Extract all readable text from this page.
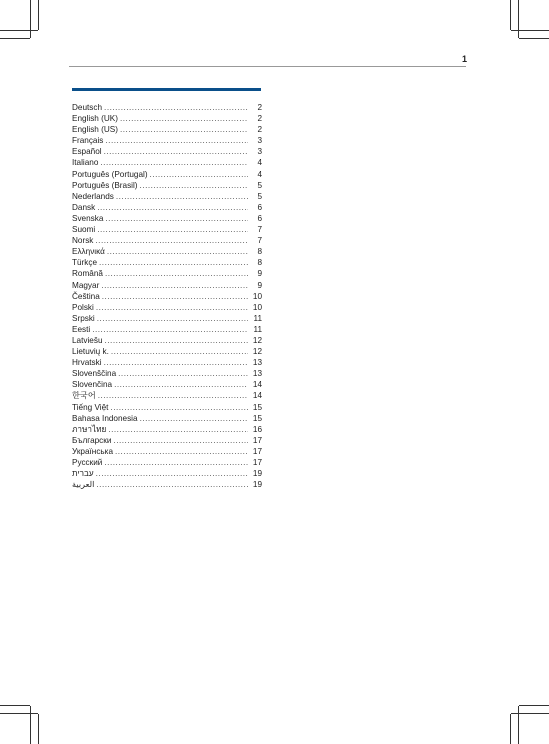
1
Deutsch .....	2
English (UK) .....	2
English (US) .....	2
Français .....	3
Español .....	3
Italiano .....	4
Português (Portugal) .....	4
Português (Brasil) .....	5
Nederlands .....	5
Dansk .....	6
Svenska .....	6
Suomi .....	7
Norsk .....	7
Ελληνικά .....	8
Türkçe .....	8
Română .....	9
Magyar .....	9
Čeština .....	10
Polski .....	10
Srpski .....	11
Eesti .....	11
Latviešu .....	12
Lietuvių k. .....	12
Hrvatski .....	13
Slovenščina .....	13
Slovenčina .....	14
한국어 .....	14
Tiếng Việt .....	15
Bahasa Indonesia .....	15
ภาษาไทย .....	16
Български .....	17
Українська .....	17
Русский .....	17
עברית .....	19
العربية .....	19
